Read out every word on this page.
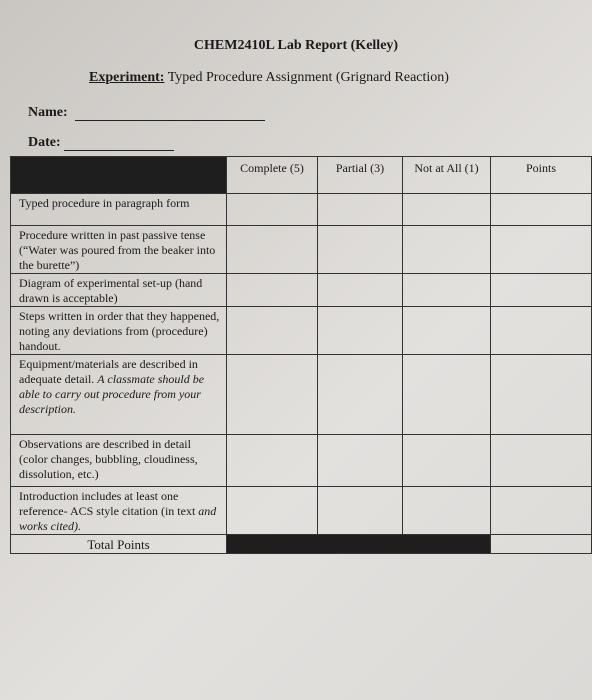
CHEM2410L Lab Report (Kelley)
Experiment: Typed Procedure Assignment (Grignard Reaction)
Name:
Date:
	Complete (5)	Partial (3)	Not at All (1)	Points
Typed procedure in paragraph form				
Procedure written in past passive tense (“Water was poured from the beaker into the burette”)				
Diagram of experimental set-up (hand drawn is acceptable)				
Steps written in order that they happened, noting any deviations from (procedure) handout.				
Equipment/materials are described in adequate detail. A classmate should be able to carry out procedure from your description.				
Observations are described in detail (color changes, bubbling, cloudiness, dissolution, etc.)				
Introduction includes at least one reference- ACS style citation (in text and works cited).				
Total Points				
